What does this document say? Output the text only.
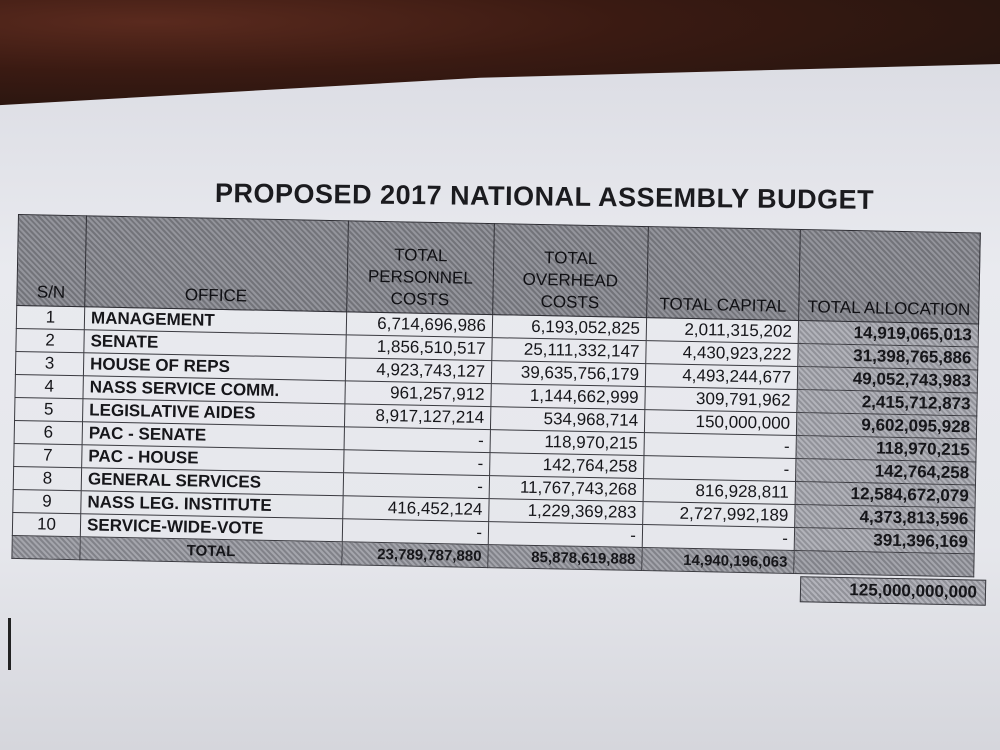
PROPOSED 2017 NATIONAL ASSEMBLY BUDGET
S/N	OFFICE	TOTAL PERSONNEL COSTS	TOTAL OVERHEAD COSTS	TOTAL CAPITAL	TOTAL ALLOCATION
1	MANAGEMENT	6,714,696,986	6,193,052,825	2,011,315,202	14,919,065,013
2	SENATE	1,856,510,517	25,111,332,147	4,430,923,222	31,398,765,886
3	HOUSE OF REPS	4,923,743,127	39,635,756,179	4,493,244,677	49,052,743,983
4	NASS SERVICE COMM.	961,257,912	1,144,662,999	309,791,962	2,415,712,873
5	LEGISLATIVE AIDES	8,917,127,214	534,968,714	150,000,000	9,602,095,928
6	PAC - SENATE	-	118,970,215	-	118,970,215
7	PAC - HOUSE	-	142,764,258	-	142,764,258
8	GENERAL SERVICES	-	11,767,743,268	816,928,811	12,584,672,079
9	NASS LEG. INSTITUTE	416,452,124	1,229,369,283	2,727,992,189	4,373,813,596
10	SERVICE-WIDE-VOTE	-	-	-	391,396,169
	TOTAL	23,789,787,880	85,878,619,888	14,940,196,063	
125,000,000,000
